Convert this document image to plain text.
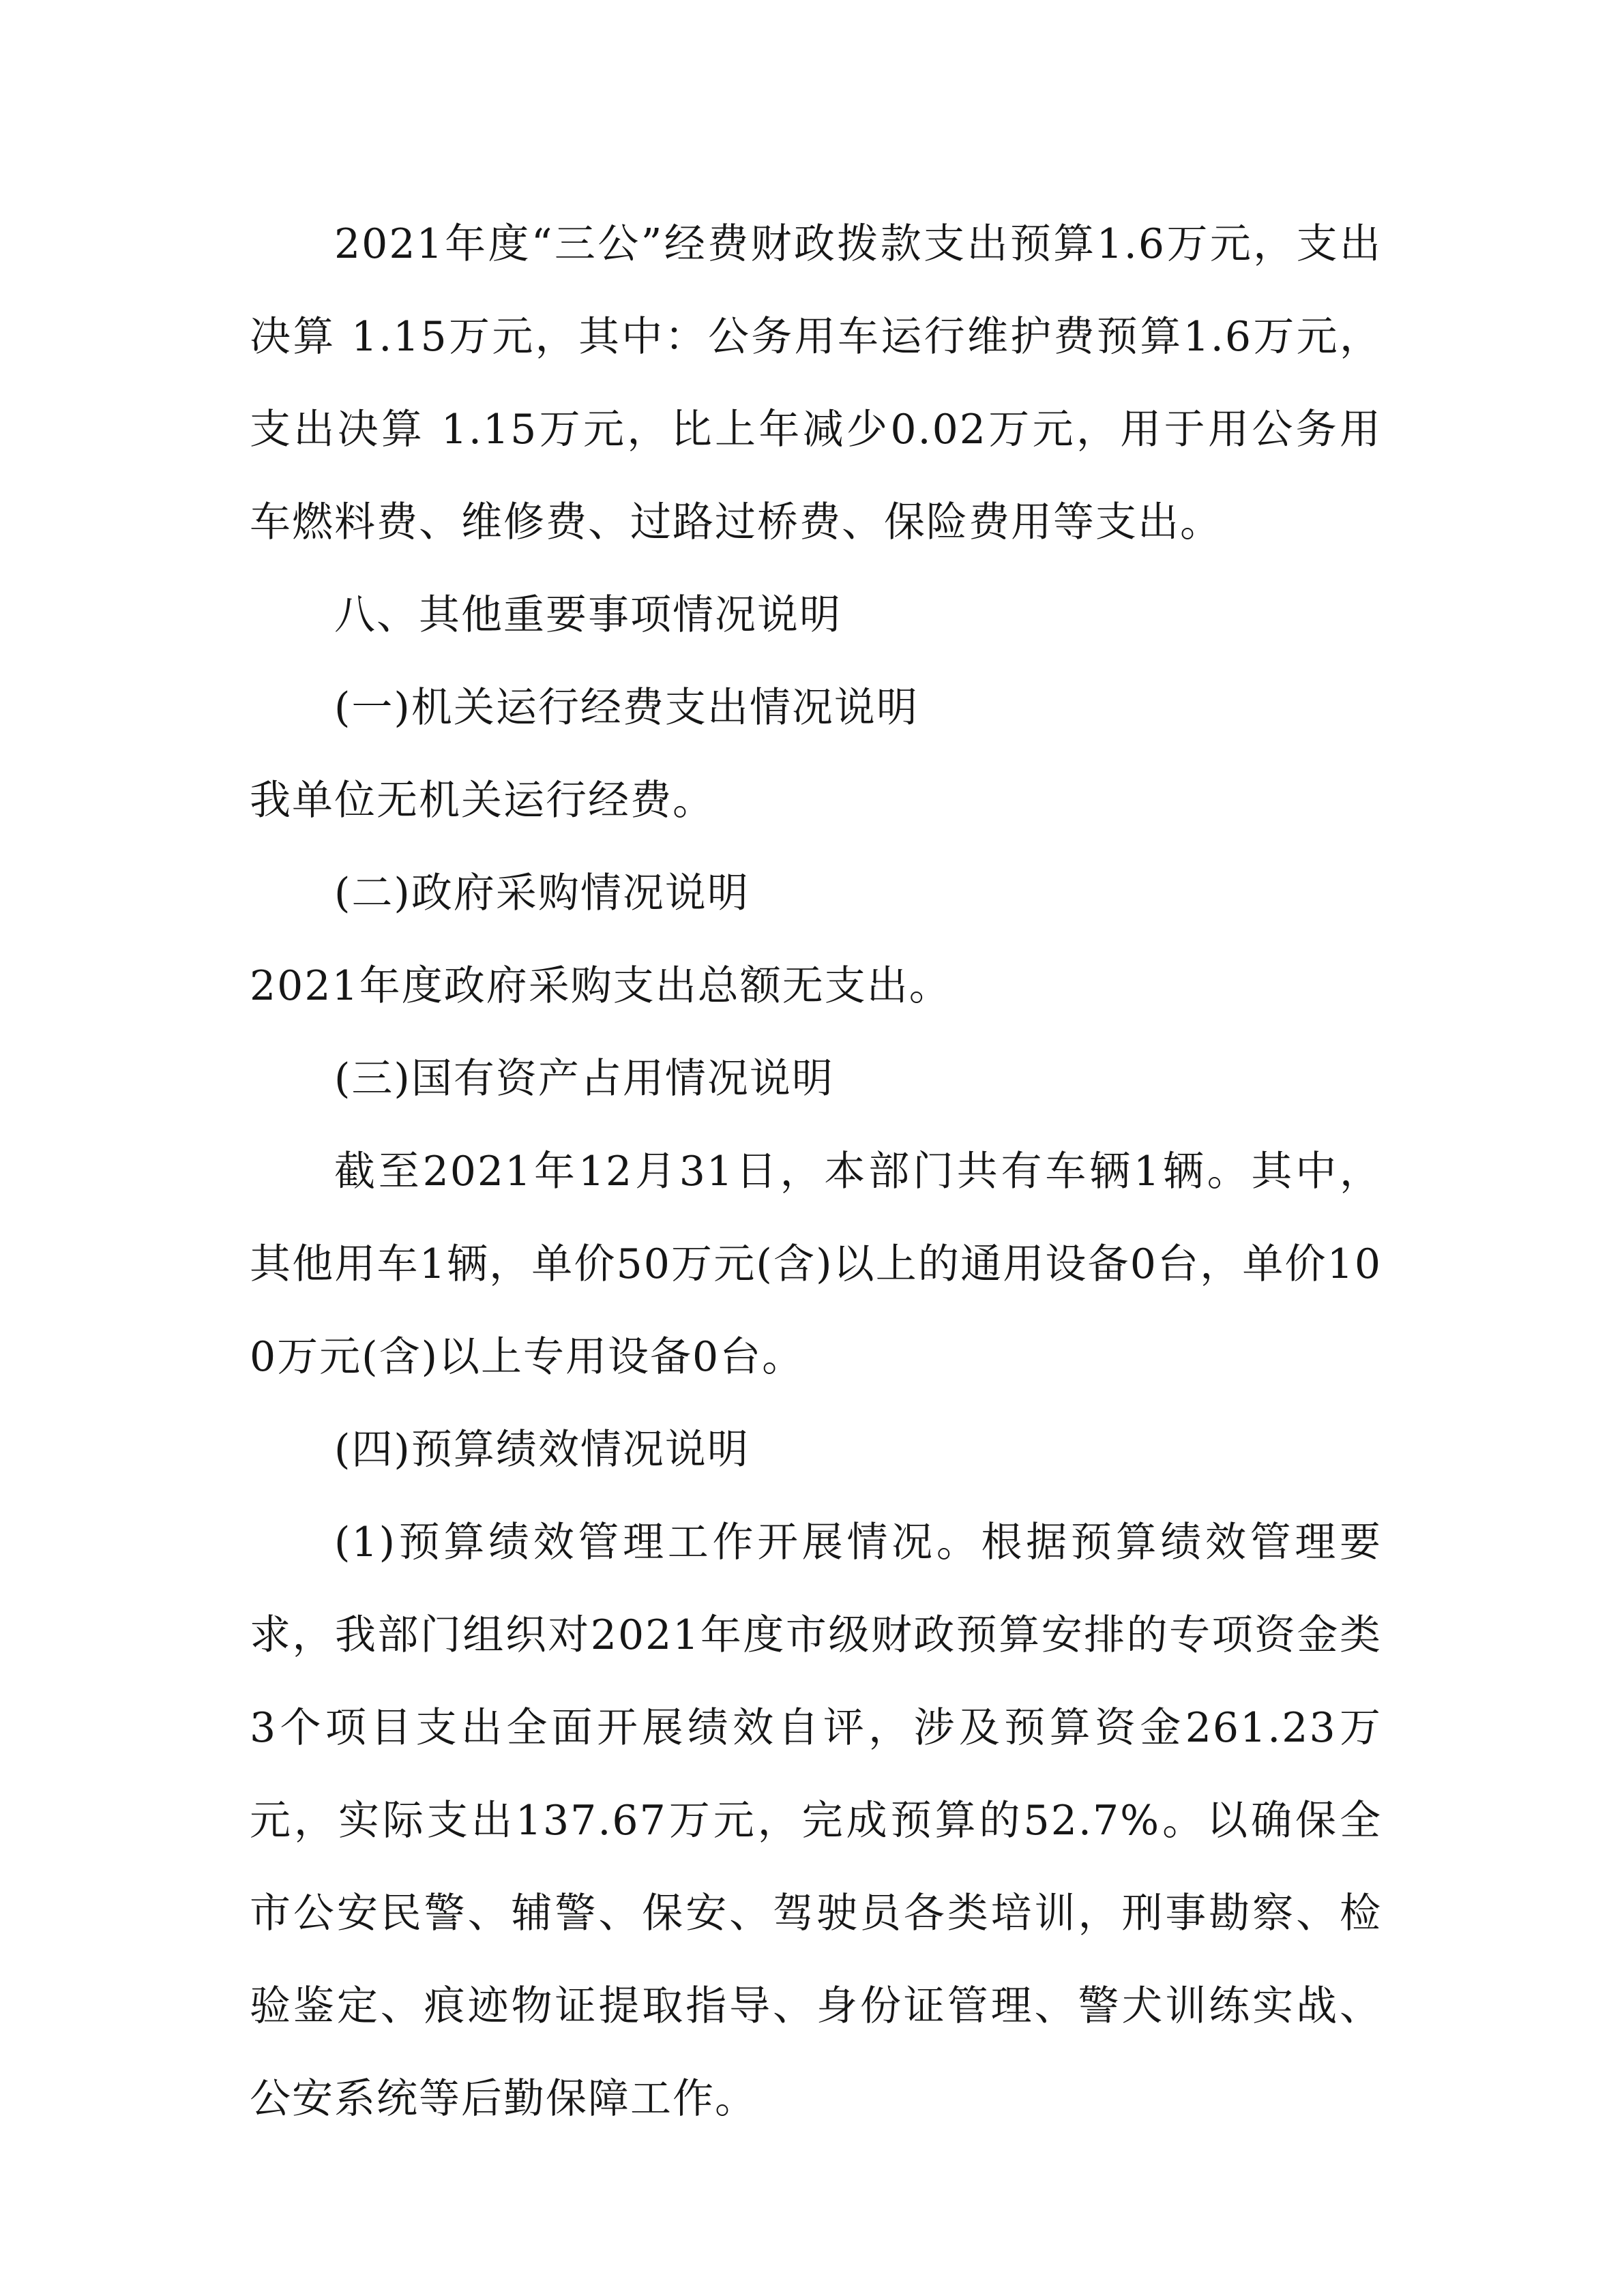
2021年度“三公”经费财政拨款支出预算1.6万元，支出决算 1.15万元，其中：公务用车运行维护费预算1.6万元，支出决算 1.15万元，比上年减少0.02万元，用于用公务用车燃料费、维修费、过路过桥费、保险费用等支出。

八、其他重要事项情况说明

(一)机关运行经费支出情况说明

我单位无机关运行经费。

(二)政府采购情况说明

2021年度政府采购支出总额无支出。

(三)国有资产占用情况说明

截至2021年12月31日，本部门共有车辆1辆。其中，其他用车1辆，单价50万元(含)以上的通用设备0台，单价100万元(含)以上专用设备0台。

(四)预算绩效情况说明

(1)预算绩效管理工作开展情况。根据预算绩效管理要求，我部门组织对2021年度市级财政预算安排的专项资金类3个项目支出全面开展绩效自评，涉及预算资金261.23万元，实际支出137.67万元，完成预算的52.7%。以确保全市公安民警、辅警、保安、驾驶员各类培训，刑事勘察、检验鉴定、痕迹物证提取指导、身份证管理、警犬训练实战、公安系统等后勤保障工作。
